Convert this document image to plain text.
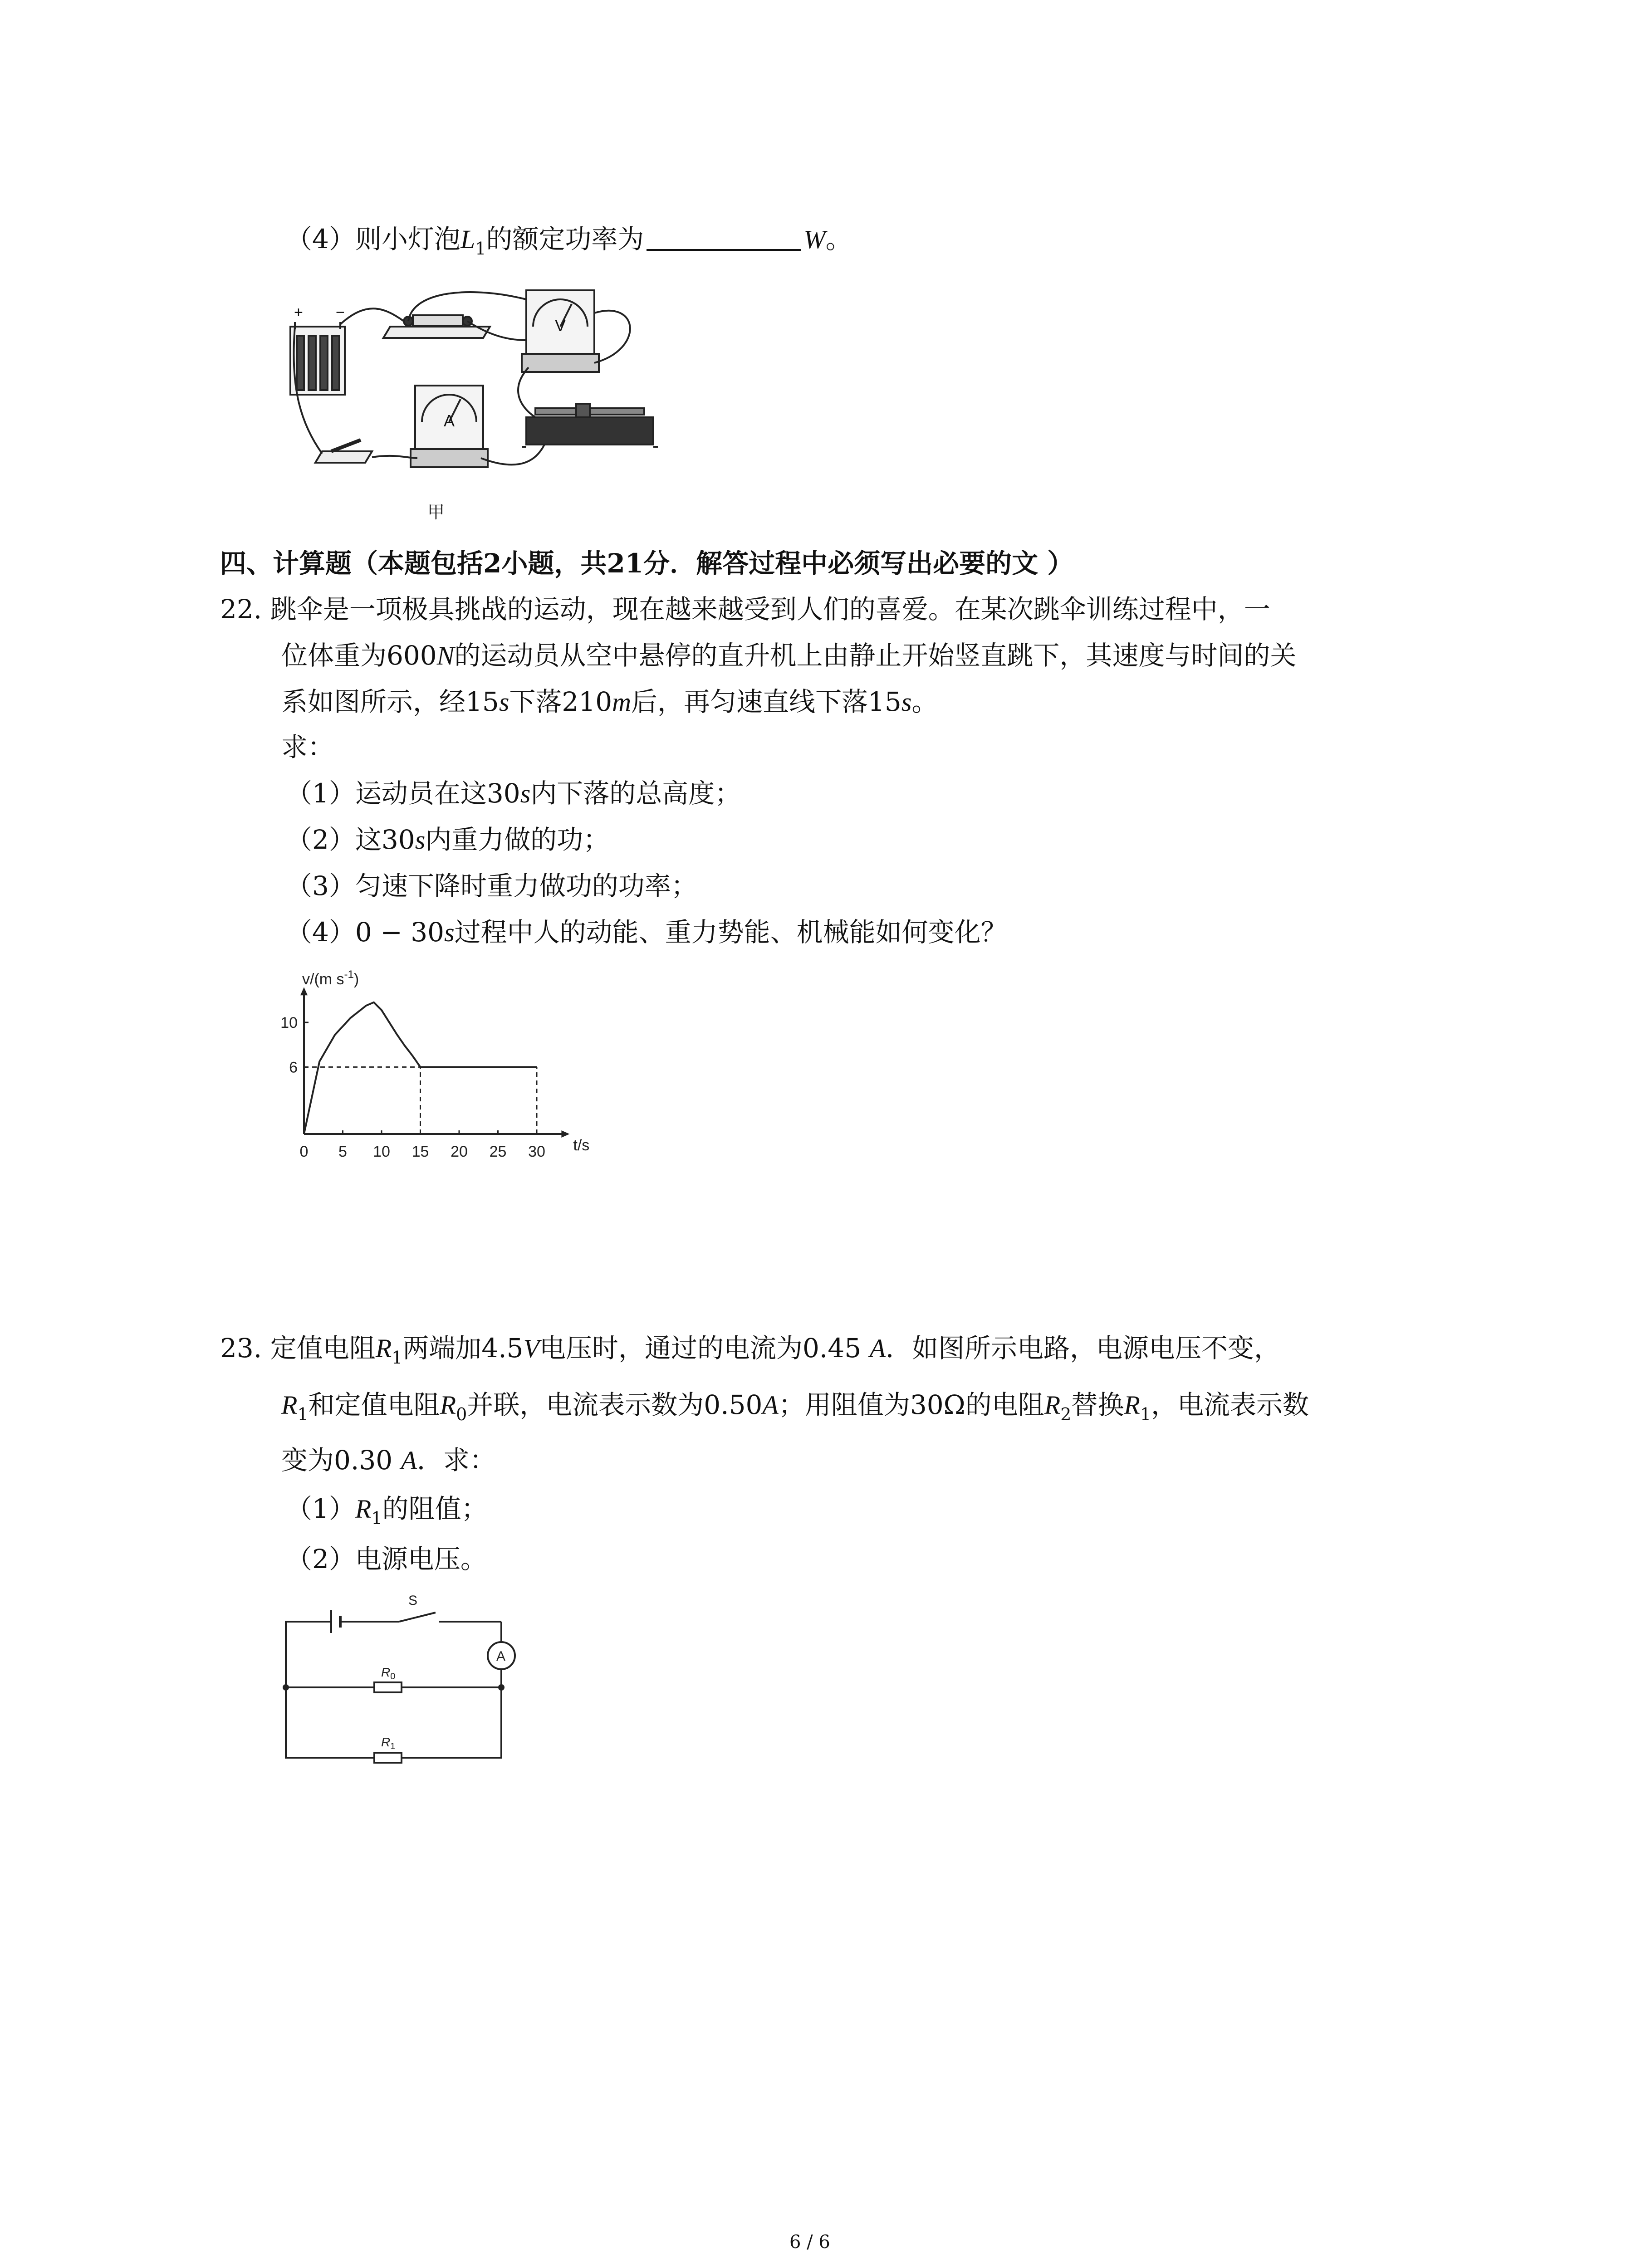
（4）则小灯泡$L_1$的额定功率为	W。
+ −
V
A
甲
四、计算题（本题包括2小题，共21分．解答过程中必须写出必要的文 ）
22. 跳伞是一项极具挑战的运动，现在越来越受到人们的喜爱。在某次跳伞训练过程中，一
位体重为600N的运动员从空中悬停的直升机上由静止开始竖直跳下，其速度与时间的关
系如图所示，经15s下落210m后，再匀速直线下落15s。
求：
（1）运动员在这30s内下落的总高度；
（2）这30s内重力做的功；
（3）匀速下降时重力做功的功率；
（4）0 − 30s过程中人的动能、重力势能、机械能如何变化？
0 5 10 15 20 25 30
6
10
v/(m $s^{-1}$)
t/s
23. 定值电阻$R_1$两端加4.5V电压时，通过的电流为0.45 A．如图所示电路，电源电压不变，
$R_1$和定值电阻$R_0$并联，电流表示数为0.50A；用阻值为30Ω的电阻$R_2$替换$R_1$，电流表示数
变为0.30 A．求：
$(1)R_1$的阻值；
（2）电源电压。
S
A
$R_0$
$R_1$
6 / 6
